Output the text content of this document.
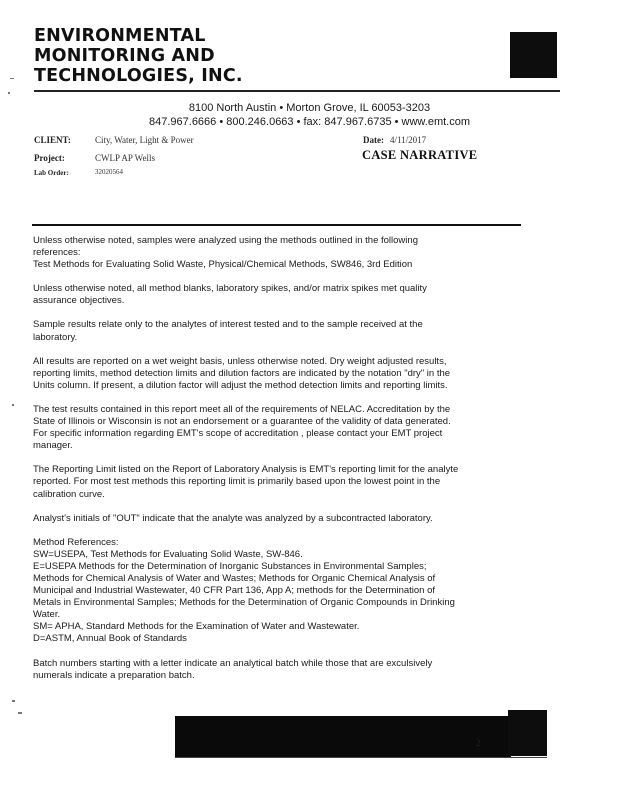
ENVIRONMENTAL
MONITORING AND
TECHNOLOGIES, INC.
8100 North Austin • Morton Grove, IL 60053-3203
847.967.6666 • 800.246.0663 • fax: 847.967.6735 • www.emt.com
CLIENT:	City, Water, Light & Power	Date: 4/11/2017
Project:	CWLP AP Wells	CASE NARRATIVE
Lab Order:	32020564

Unless otherwise noted, samples were analyzed using the methods outlined in the following
references:
Test Methods for Evaluating Solid Waste, Physical/Chemical Methods, SW846, 3rd Edition

Unless otherwise noted, all method blanks, laboratory spikes, and/or matrix spikes met quality
assurance objectives.

Sample results relate only to the analytes of interest tested and to the sample received at the
laboratory.

All results are reported on a wet weight basis, unless otherwise noted. Dry weight adjusted results,
reporting limits, method detection limits and dilution factors are indicated by the notation "dry" in the
Units column. If present, a dilution factor will adjust the method detection limits and reporting limits.

The test results contained in this report meet all of the requirements of NELAC. Accreditation by the
State of Illinois or Wisconsin is not an endorsement or a guarantee of the validity of data generated.
For specific information regarding EMT's scope of accreditation , please contact your EMT project
manager.

The Reporting Limit listed on the Report of Laboratory Analysis is EMT's reporting limit for the analyte
reported. For most test methods this reporting limit is primarily based upon the lowest point in the
calibration curve.

Analyst's initials of "OUT" indicate that the analyte was analyzed by a subcontracted laboratory.

Method References:
SW=USEPA, Test Methods for Evaluating Solid Waste, SW-846.
E=USEPA Methods for the Determination of Inorganic Substances in Environmental Samples;
Methods for Chemical Analysis of Water and Wastes; Methods for Organic Chemical Analysis of
Municipal and Industrial Wastewater, 40 CFR Part 136, App A; methods for the Determination of
Metals in Environmental Samples; Methods for the Determination of Organic Compounds in Drinking
Water.
SM= APHA, Standard Methods for the Examination of Water and Wastewater.
D=ASTM, Annual Book of Standards

Batch numbers starting with a letter indicate an analytical batch while those that are exculsively
numerals indicate a preparation batch.

2
